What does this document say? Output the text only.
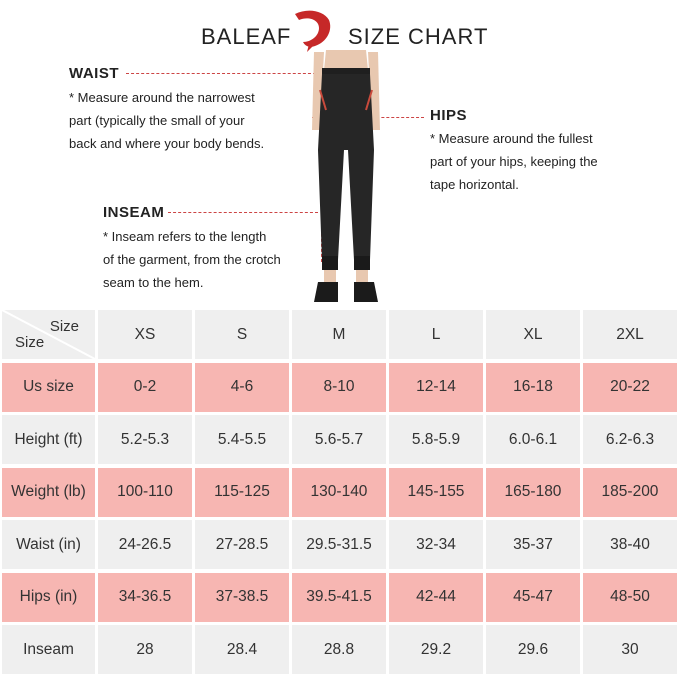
BALEAF	SIZE CHART
WAIST
* Measure around the narrowest
part (typically the small of your
back and where your body bends.
HIPS
* Measure around the fullest
part of your hips, keeping the
tape horizontal.
INSEAM
* Inseam refers to the length
of the garment, from the crotch
seam to the hem.
Size
Size	XS	S	M	L	XL	2XL
Us size	0-2	4-6	8-10	12-14	16-18	20-22
Height (ft)	5.2-5.3	5.4-5.5	5.6-5.7	5.8-5.9	6.0-6.1	6.2-6.3
Weight (lb)	100-110	115-125	130-140	145-155	165-180	185-200
Waist (in)	24-26.5	27-28.5	29.5-31.5	32-34	35-37	38-40
Hips (in)	34-36.5	37-38.5	39.5-41.5	42-44	45-47	48-50
Inseam	28	28.4	28.8	29.2	29.6	30
